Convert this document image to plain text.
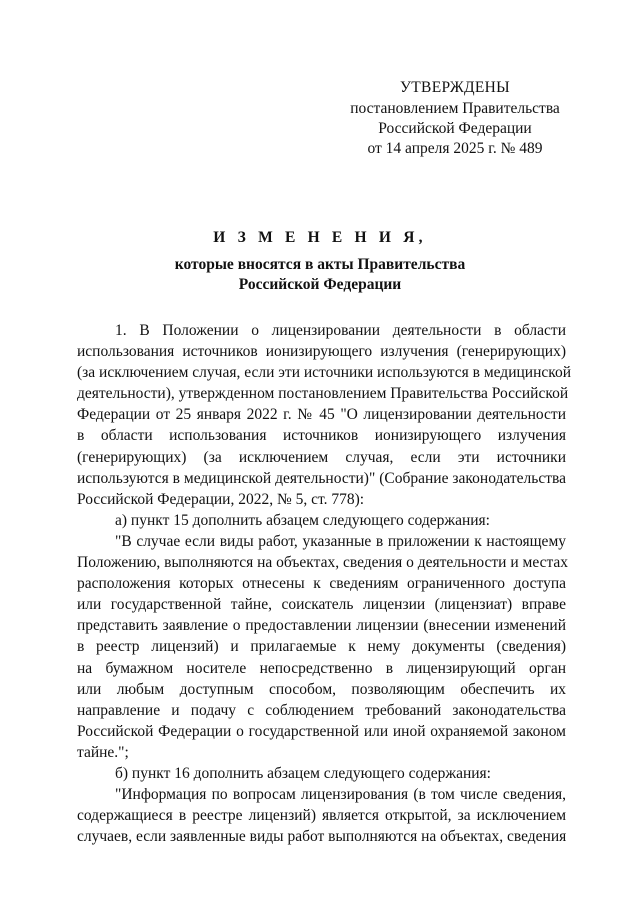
УТВЕРЖДЕНЫ
постановлением Правительства
Российской Федерации
от 14 апреля 2025 г. № 489
И З М Е Н Е Н И Я,
которые вносятся в акты Правительства
Российской Федерации
1. В Положении о лицензировании деятельности в области
использования источников ионизирующего излучения (генерирующих)
(за исключением случая, если эти источники используются в медицинской
деятельности), утвержденном постановлением Правительства Российской
Федерации от 25 января 2022 г. № 45 "О лицензировании деятельности
в области использования источников ионизирующего излучения
(генерирующих) (за исключением случая, если эти источники
используются в медицинской деятельности)" (Собрание законодательства
Российской Федерации, 2022, № 5, ст. 778):
а) пункт 15 дополнить абзацем следующего содержания:
"В случае если виды работ, указанные в приложении к настоящему
Положению, выполняются на объектах, сведения о деятельности и местах
расположения которых отнесены к сведениям ограниченного доступа
или государственной тайне, соискатель лицензии (лицензиат) вправе
представить заявление о предоставлении лицензии (внесении изменений
в реестр лицензий) и прилагаемые к нему документы (сведения)
на бумажном носителе непосредственно в лицензирующий орган
или любым доступным способом, позволяющим обеспечить их
направление и подачу с соблюдением требований законодательства
Российской Федерации о государственной или иной охраняемой законом
тайне.";
б) пункт 16 дополнить абзацем следующего содержания:
"Информация по вопросам лицензирования (в том числе сведения,
содержащиеся в реестре лицензий) является открытой, за исключением
случаев, если заявленные виды работ выполняются на объектах, сведения
